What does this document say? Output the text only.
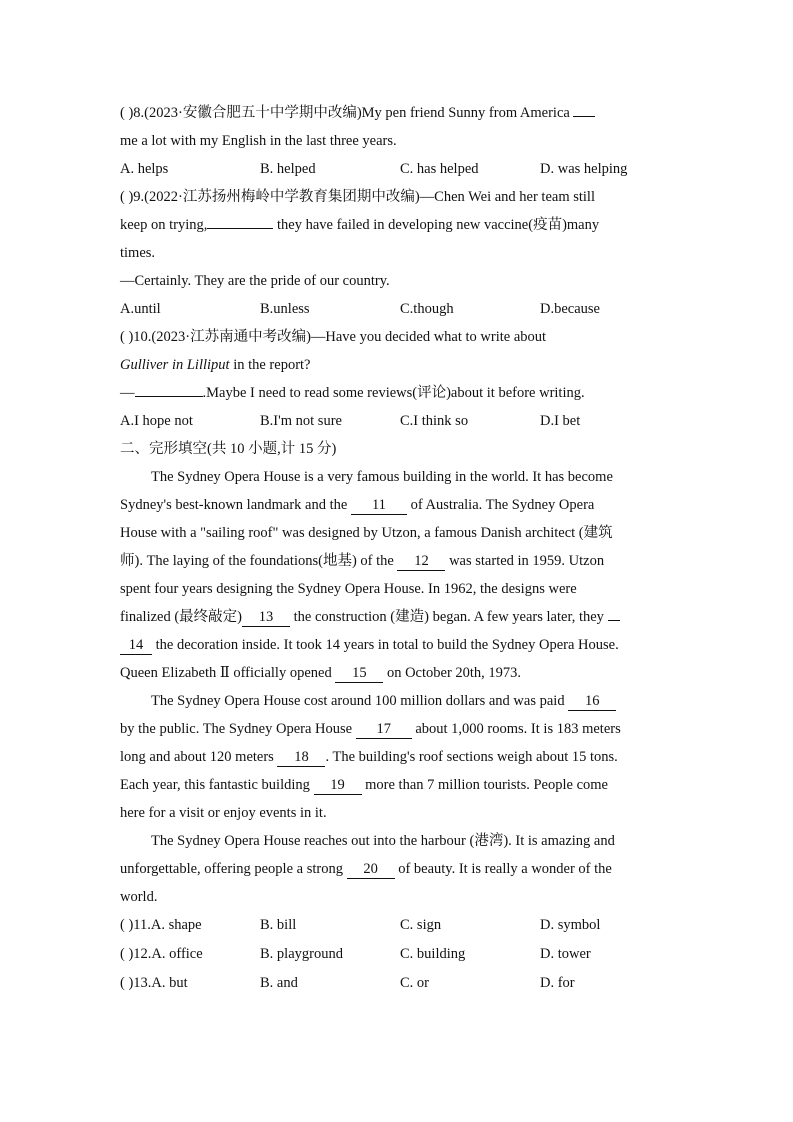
( )8.(2023·安徽合肥五十中学期中改编)My pen friend Sunny from America
me a lot with my English in the last three years.
A. helps	B. helped	C. has helped	D. was helping
( )9.(2022·江苏扬州梅岭中学教育集团期中改编)—Chen Wei and her team still
keep on trying,	they have failed in developing new vaccine(疫苗)many
times.
—Certainly. They are the pride of our country.
A.until	B.unless	C.though	D.because
( )10.(2023·江苏南通中考改编)—Have you decided what to write about
Gulliver in Lilliput in the report?
—	.Maybe I need to read some reviews(评论)about it before writing.
A.I hope not	B.I'm not sure	C.I think so	D.I bet
二、完形填空(共 10 小题,计 15 分)
The Sydney Opera House is a very famous building in the world. It has become
Sydney's best-known landmark and the 11 of Australia. The Sydney Opera
House with a "sailing roof" was designed by Utzon, a famous Danish architect (建筑
师). The laying of the foundations(地基) of the 12 was started in 1959. Utzon
spent four years designing the Sydney Opera House. In 1962, the designs were
finalized (最终敲定) 13 the construction (建造) began. A few years later, they
14 the decoration inside. It took 14 years in total to build the Sydney Opera House.
Queen Elizabeth Ⅱ officially opened 15 on October 20th, 1973.
The Sydney Opera House cost around 100 million dollars and was paid 16
by the public. The Sydney Opera House 17 about 1,000 rooms. It is 183 meters
long and about 120 meters 18 . The building's roof sections weigh about 15 tons.
Each year, this fantastic building 19 more than 7 million tourists. People come
here for a visit or enjoy events in it.
The Sydney Opera House reaches out into the harbour (港湾). It is amazing and
unforgettable, offering people a strong 20 of beauty. It is really a wonder of the
world.
( )11.A. shape	B. bill	C. sign	D. symbol
( )12.A. office	B. playground	C. building	D. tower
( )13.A. but	B. and	C. or	D. for
